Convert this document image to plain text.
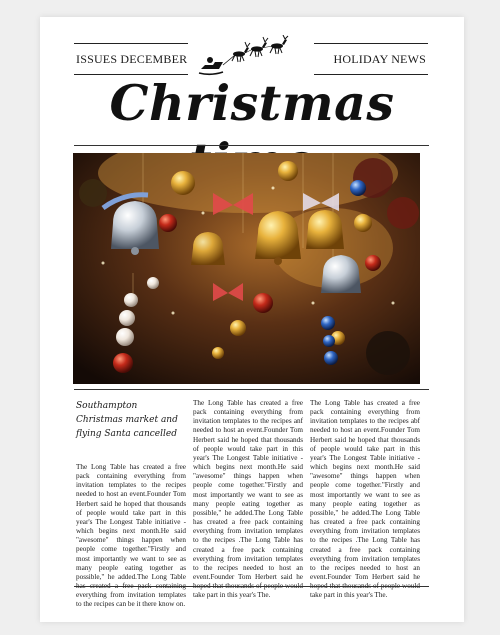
ISSUES DECEMBER	HOLIDAY NEWS
Christmas

Southampton Christmas market and flying Santa cancelled

The Long Table has created a free pack containing everything from invitation templates to the recipes needed to host an event.Founder Tom Herbert said he hoped that thousands of people would take part in this year's The Longest Table initiative - which begins next month.He said "awesome" things happen when people come together."Firstly and most importantly we want to see as many people eating together as possible," he added.The Long Table has created a free pack containing everything from invitation templates to the recipes can be it there know on.

The Long Table has created a free pack containing everything from invitation templates to the recipes anf needed to host an event.Founder Tom Herbert said he hoped that thousands of people would take part in this year's The Longest Table initiative - which begins next month.He said "awesome" things happen when people come together."Firstly and most importantly we want to see as many people eating together as possible," he added.The Long Table has created a free pack containing everything from invitation templates to the recipes .The Long Table has created a free pack containing everything from invitation templates to the recipes needed to host an event.Founder Tom Herbert said he hoped that thousands of people would take part in this year's The.

The Long Table has created a free pack containing everything from invitation templates to the recipes abf needed to host an event.Founder Tom Herbert said he hoped that thousands of people would take part in this year's The Longest Table initiative - which begins next month.He said "awesome" things happen when people come together."Firstly and most importantly we want to see as many people eating together as possible," he added.The Long Table has created a free pack containing everything from invitation templates to the recipes .The Long Table has created a free pack containing everything from invitation templates to the recipes needed to host an event.Founder Tom Herbert said he hoped that thousands of people would take part in this year's The.
